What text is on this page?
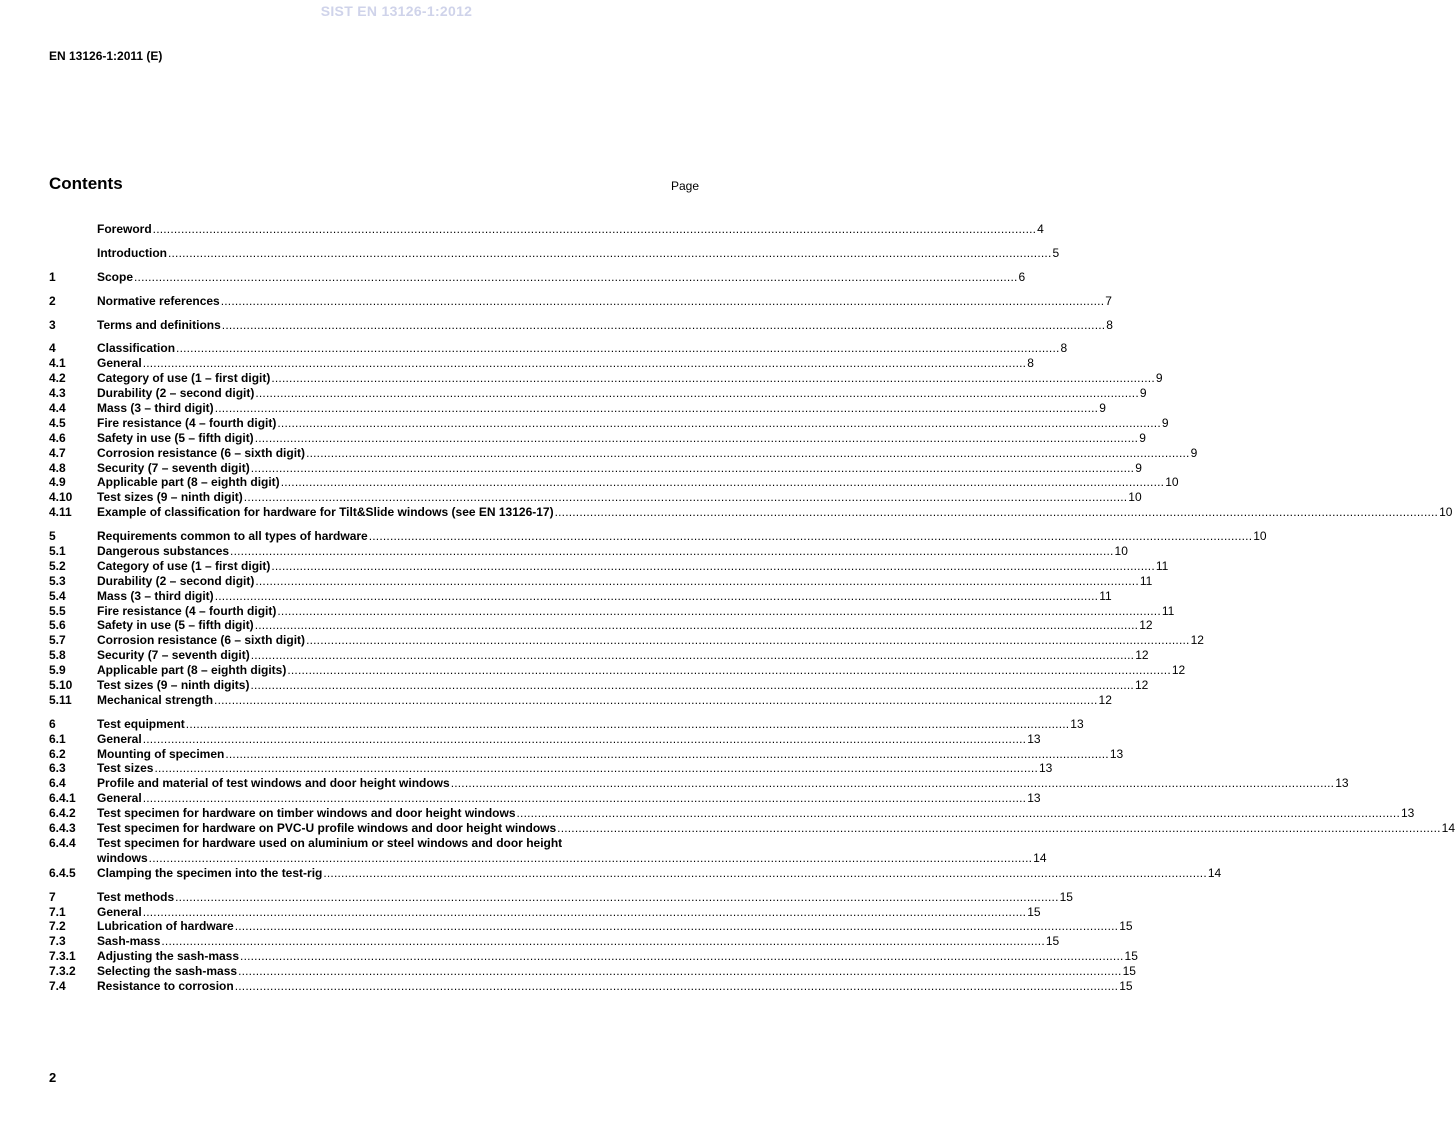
SIST EN 13126-1:2012
EN 13126-1:2011 (E)
Contents	Page
Foreword .....	4
Introduction .....	5
1	Scope .....	6
2	Normative references .....	7
3	Terms and definitions .....	8
4	Classification .....	8
4.1	General .....	8
4.2	Category of use (1 – first digit) .....	9
4.3	Durability (2 – second digit) .....	9
4.4	Mass (3 – third digit) .....	9
4.5	Fire resistance (4 – fourth digit) .....	9
4.6	Safety in use (5 – fifth digit) .....	9
4.7	Corrosion resistance (6 – sixth digit) .....	9
4.8	Security (7 – seventh digit) .....	9
4.9	Applicable part (8 – eighth digit) .....	10
4.10	Test sizes (9 – ninth digit) .....	10
4.11	Example of classification for hardware for Tilt&Slide windows (see EN 13126-17) .....	10
5	Requirements common to all types of hardware .....	10
5.1	Dangerous substances .....	10
5.2	Category of use (1 – first digit) .....	11
5.3	Durability (2 – second digit) .....	11
5.4	Mass (3 – third digit) .....	11
5.5	Fire resistance (4 – fourth digit) .....	11
5.6	Safety in use (5 – fifth digit) .....	12
5.7	Corrosion resistance (6 – sixth digit) .....	12
5.8	Security (7 – seventh digit) .....	12
5.9	Applicable part (8 – eighth digits) .....	12
5.10	Test sizes (9 – ninth digits) .....	12
5.11	Mechanical strength .....	12
6	Test equipment .....	13
6.1	General .....	13
6.2	Mounting of specimen .....	13
6.3	Test sizes .....	13
6.4	Profile and material of test windows and door height windows .....	13
6.4.1	General .....	13
6.4.2	Test specimen for hardware on timber windows and door height windows .....	13
6.4.3	Test specimen for hardware on PVC-U profile windows and door height windows .....	14
6.4.4	Test specimen for hardware used on aluminium or steel windows and door height
windows .....	14
6.4.5	Clamping the specimen into the test-rig .....	14
7	Test methods .....	15
7.1	General .....	15
7.2	Lubrication of hardware .....	15
7.3	Sash-mass .....	15
7.3.1	Adjusting the sash-mass .....	15
7.3.2	Selecting the sash-mass .....	15
7.4	Resistance to corrosion .....	15
2
